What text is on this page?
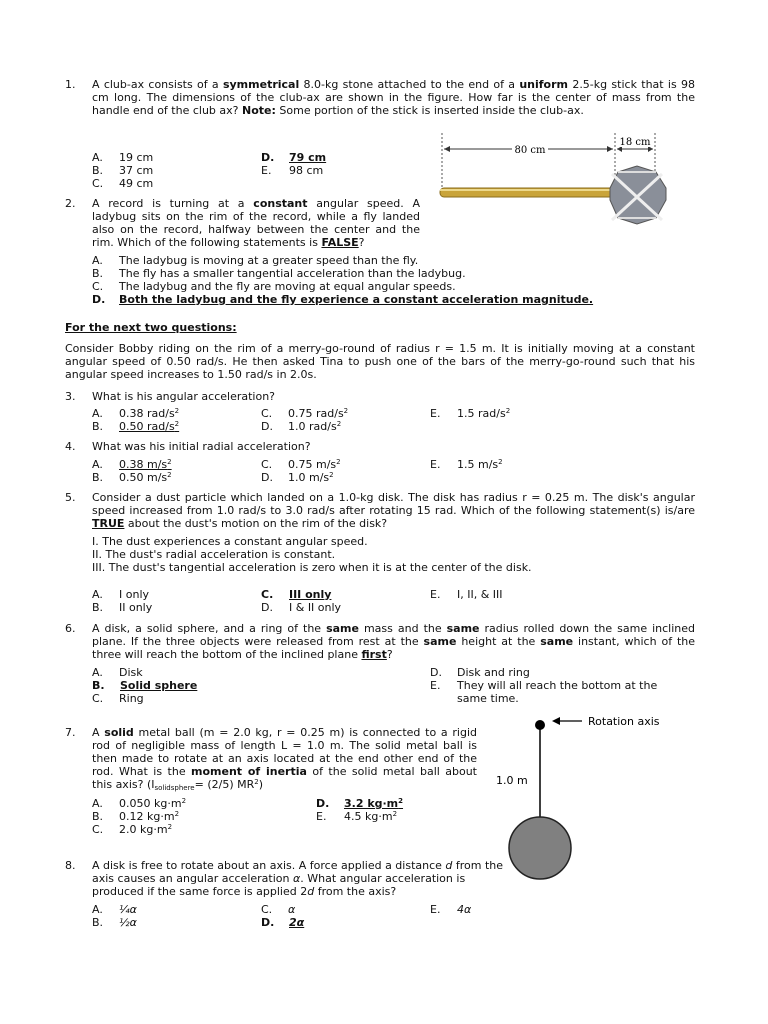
1. A club-ax consists of a symmetrical 8.0-kg stone attached to the end of a uniform 2.5-kg stick that is 98 cm long. The dimensions of the club-ax are shown in the figure. How far is the center of mass from the handle end of the club ax? Note: Some portion of the stick is inserted inside the club-ax.
A. 19 cm
B. 37 cm
C. 49 cm
D. 79 cm
E. 98 cm
80 cm
18 cm
2. A record is turning at a constant angular speed. A ladybug sits on the rim of the record, while a fly landed also on the record, halfway between the center and the rim. Which of the following statements is FALSE?
A. The ladybug is moving at a greater speed than the fly.
B. The fly has a smaller tangential acceleration than the ladybug.
C. The ladybug and the fly are moving at equal angular speeds.
D. Both the ladybug and the fly experience a constant acceleration magnitude.
For the next two questions:
Consider Bobby riding on the rim of a merry-go-round of radius r = 1.5 m. It is initially moving at a constant angular speed of 0.50 rad/s. He then asked Tina to push one of the bars of the merry-go-round such that his angular speed increases to 1.50 rad/s in 2.0s.
3. What is his angular acceleration?
A. 0.38 rad/$s^2$
B. 0.50 rad/$s^2$
C. 0.75 rad/$s^2$
D. 1.0 rad/$s^2$
E. 1.5 rad/$s^2$
4. What was his initial radial acceleration?
A. 0.38 $m/s^2$
B. 0.50 $m/s^2$
C. 0.75 $m/s^2$
D. 1.0 $m/s^2$
E. 1.5 $m/s^2$
5. Consider a dust particle which landed on a 1.0-kg disk. The disk has radius r = 0.25 m. The disk's angular speed increased from 1.0 rad/s to 3.0 rad/s after rotating 15 rad. Which of the following statement(s) is/are TRUE about the dust's motion on the rim of the disk?
I. The dust experiences a constant angular speed.
II. The dust's radial acceleration is constant.
III. The dust's tangential acceleration is zero when it is at the center of the disk.
A. I only
B. II only
C. III only
D. I & II only
E. I, II, & III
6. A disk, a solid sphere, and a ring of the same mass and the same radius rolled down the same inclined plane. If the three objects were released from rest at the same height at the same instant, which of the three will reach the bottom of the inclined plane first?
A. Disk
B. Solid sphere
C. Ring
D. Disk and ring
E. They will all reach the bottom at the
same time.
7. A solid metal ball (m = 2.0 kg, r = 0.25 m) is connected to a rigid rod of negligible mass of length L = 1.0 m. The solid metal ball is then made to rotate at an axis located at the end other end of the rod. What is the moment of inertia of the solid metal ball about this axis? ($I_{solidsphere}= (2/5)$ $MR^2$)
A. 0.050 $kg\cdot m^2$
B. 0.12 $kg\cdot m^2$
C. 2.0 $kg\cdot m^2$
D. 3.2 $kg\cdot m^2$
E. 4.5 $kg\cdot m^2$
Rotation axis
1.0 m
8. A disk is free to rotate about an axis. A force applied a distance d from the axis causes an angular acceleration α. What angular acceleration is produced if the same force is applied 2d from the axis?
A. ¼α
B. ½α
C. α
D. 2α
E. 4α
